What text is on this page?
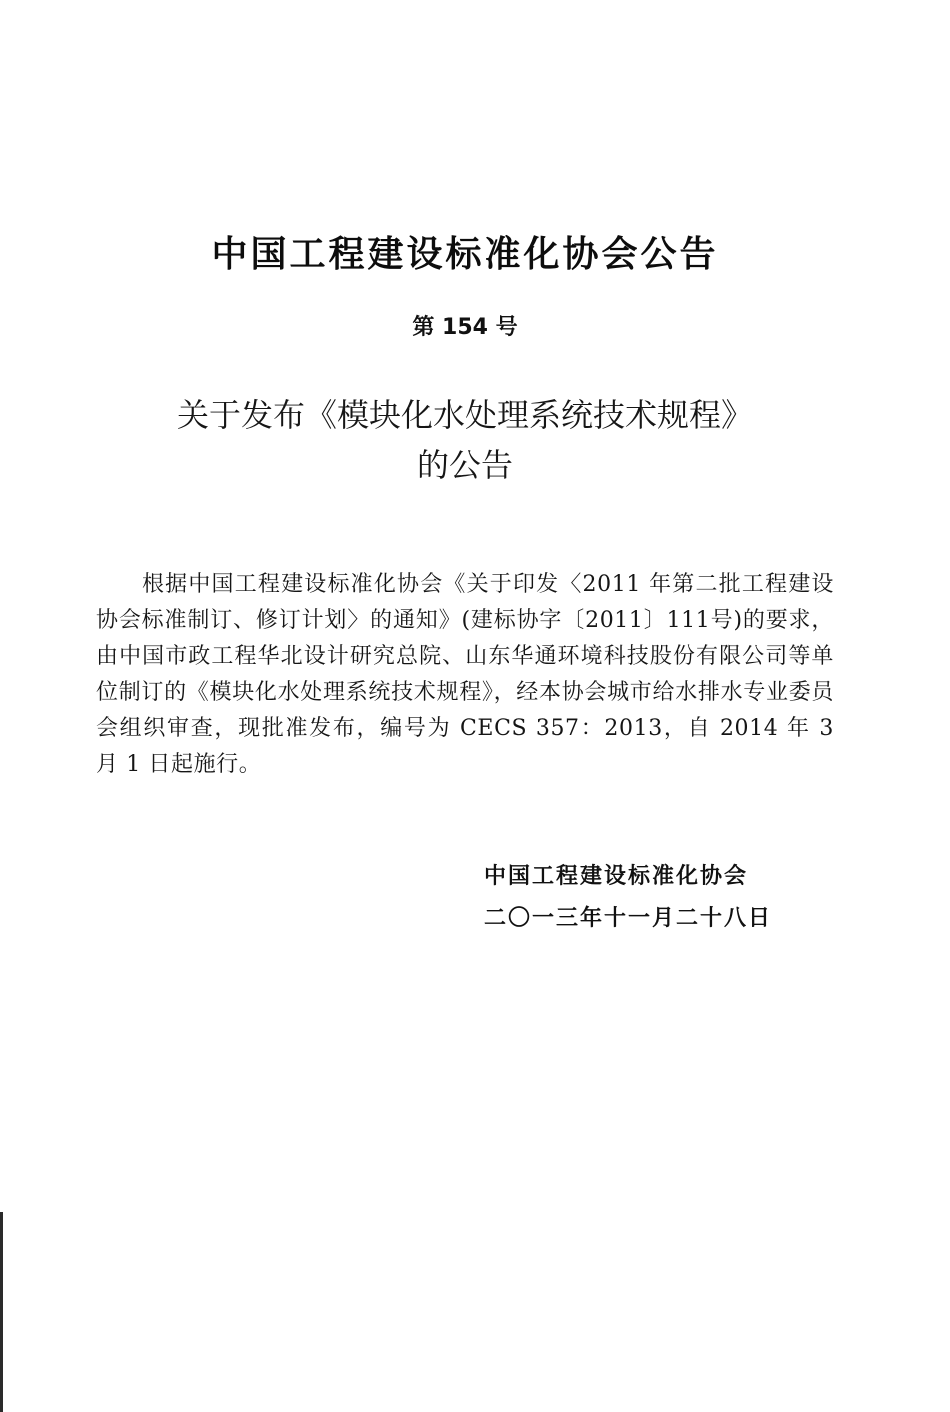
中国工程建设标准化协会公告
第 154 号
关于发布《模块化水处理系统技术规程》
的公告

根据中国工程建设标准化协会《关于印发〈2011 年第二批工程建设协会标准制订、修订计划〉的通知》(建标协字〔2011〕111号)的要求，由中国市政工程华北设计研究总院、山东华通环境科技股份有限公司等单位制订的《模块化水处理系统技术规程》，经本协会城市给水排水专业委员会组织审查，现批准发布，编号为 CECS 357：2013，自 2014 年 3 月 1 日起施行。

中国工程建设标准化协会
二〇一三年十一月二十八日
